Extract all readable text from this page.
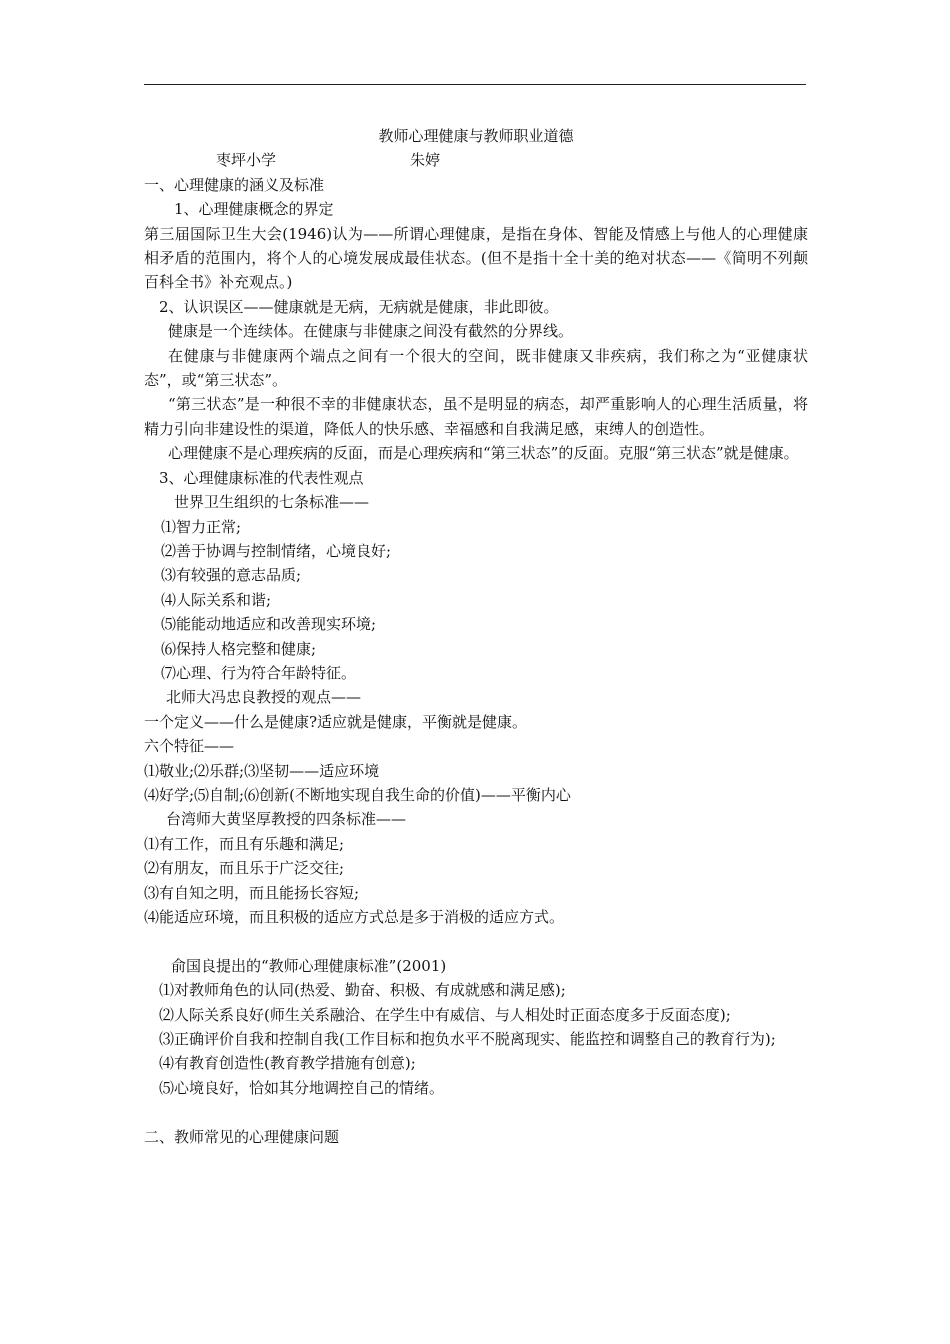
教师心理健康与教师职业道德
枣坪小学	朱婷
一、心理健康的涵义及标准
1、心理健康概念的界定
第三届国际卫生大会(1946)认为——所谓心理健康，是指在身体、智能及情感上与他人的心理健康相矛盾的范围内，将个人的心境发展成最佳状态。(但不是指十全十美的绝对状态——《简明不列颠百科全书》补充观点。)
2、认识误区——健康就是无病，无病就是健康，非此即彼。
健康是一个连续体。在健康与非健康之间没有截然的分界线。
在健康与非健康两个端点之间有一个很大的空间，既非健康又非疾病，我们称之为“亚健康状态”，或“第三状态”。
“第三状态”是一种很不幸的非健康状态，虽不是明显的病态，却严重影响人的心理生活质量，将精力引向非建设性的渠道，降低人的快乐感、幸福感和自我满足感，束缚人的创造性。
心理健康不是心理疾病的反面，而是心理疾病和“第三状态”的反面。克服“第三状态”就是健康。
3、心理健康标准的代表性观点
世界卫生组织的七条标准——
⑴智力正常;
⑵善于协调与控制情绪，心境良好;
⑶有较强的意志品质;
⑷人际关系和谐;
⑸能能动地适应和改善现实环境;
⑹保持人格完整和健康;
⑺心理、行为符合年龄特征。
北师大冯忠良教授的观点——
一个定义——什么是健康?适应就是健康，平衡就是健康。
六个特征——
⑴敬业;⑵乐群;⑶坚韧——适应环境
⑷好学;⑸自制;⑹创新(不断地实现自我生命的价值)——平衡内心
台湾师大黄坚厚教授的四条标准——
⑴有工作，而且有乐趣和满足;
⑵有朋友，而且乐于广泛交往;
⑶有自知之明，而且能扬长容短;
⑷能适应环境，而且积极的适应方式总是多于消极的适应方式。
俞国良提出的“教师心理健康标准”(2001)
⑴对教师角色的认同(热爱、勤奋、积极、有成就感和满足感);
⑵人际关系良好(师生关系融洽、在学生中有威信、与人相处时正面态度多于反面态度);
⑶正确评价自我和控制自我(工作目标和抱负水平不脱离现实、能监控和调整自己的教育行为);
⑷有教育创造性(教育教学措施有创意);
⑸心境良好，恰如其分地调控自己的情绪。
二、教师常见的心理健康问题
